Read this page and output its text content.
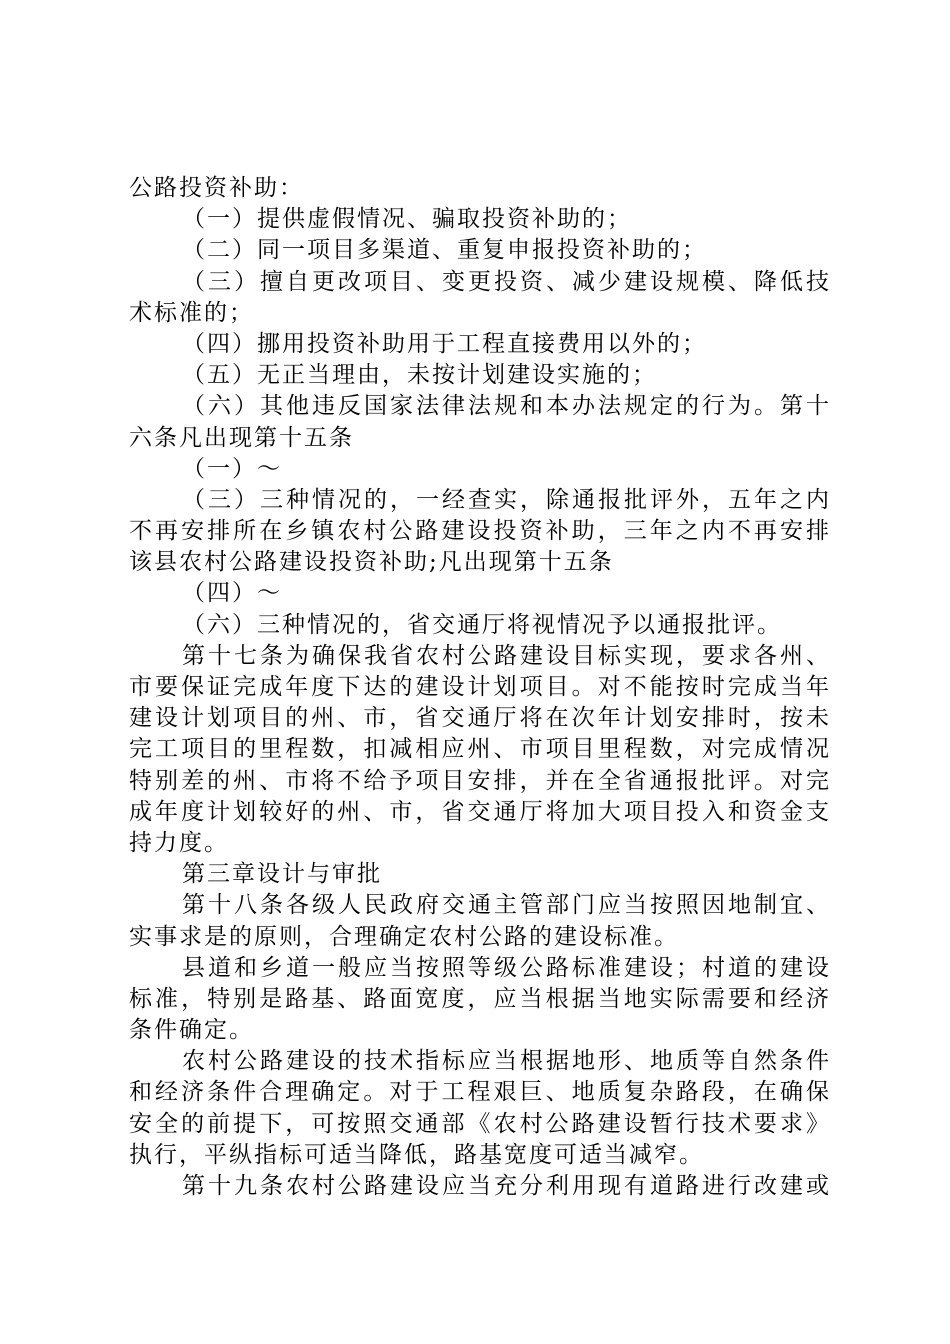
公路投资补助：
（一）提供虚假情况、骗取投资补助的；
（二）同一项目多渠道、重复申报投资补助的；
（三）擅自更改项目、变更投资、减少建设规模、降低技
术标准的；
（四）挪用投资补助用于工程直接费用以外的；
（五）无正当理由，未按计划建设实施的；
（六）其他违反国家法律法规和本办法规定的行为。第十
六条凡出现第十五条
（一）～
（三）三种情况的，一经查实，除通报批评外，五年之内
不再安排所在乡镇农村公路建设投资补助，三年之内不再安排
该县农村公路建设投资补助;凡出现第十五条
（四）～
（六）三种情况的，省交通厅将视情况予以通报批评。
第十七条为确保我省农村公路建设目标实现，要求各州、
市要保证完成年度下达的建设计划项目。对不能按时完成当年
建设计划项目的州、市，省交通厅将在次年计划安排时，按未
完工项目的里程数，扣减相应州、市项目里程数，对完成情况
特别差的州、市将不给予项目安排，并在全省通报批评。对完
成年度计划较好的州、市，省交通厅将加大项目投入和资金支
持力度。
第三章设计与审批
第十八条各级人民政府交通主管部门应当按照因地制宜、
实事求是的原则，合理确定农村公路的建设标准。
县道和乡道一般应当按照等级公路标准建设；村道的建设
标准，特别是路基、路面宽度，应当根据当地实际需要和经济
条件确定。
农村公路建设的技术指标应当根据地形、地质等自然条件
和经济条件合理确定。对于工程艰巨、地质复杂路段，在确保
安全的前提下，可按照交通部《农村公路建设暂行技术要求》
执行，平纵指标可适当降低，路基宽度可适当减窄。
第十九条农村公路建设应当充分利用现有道路进行改建或
